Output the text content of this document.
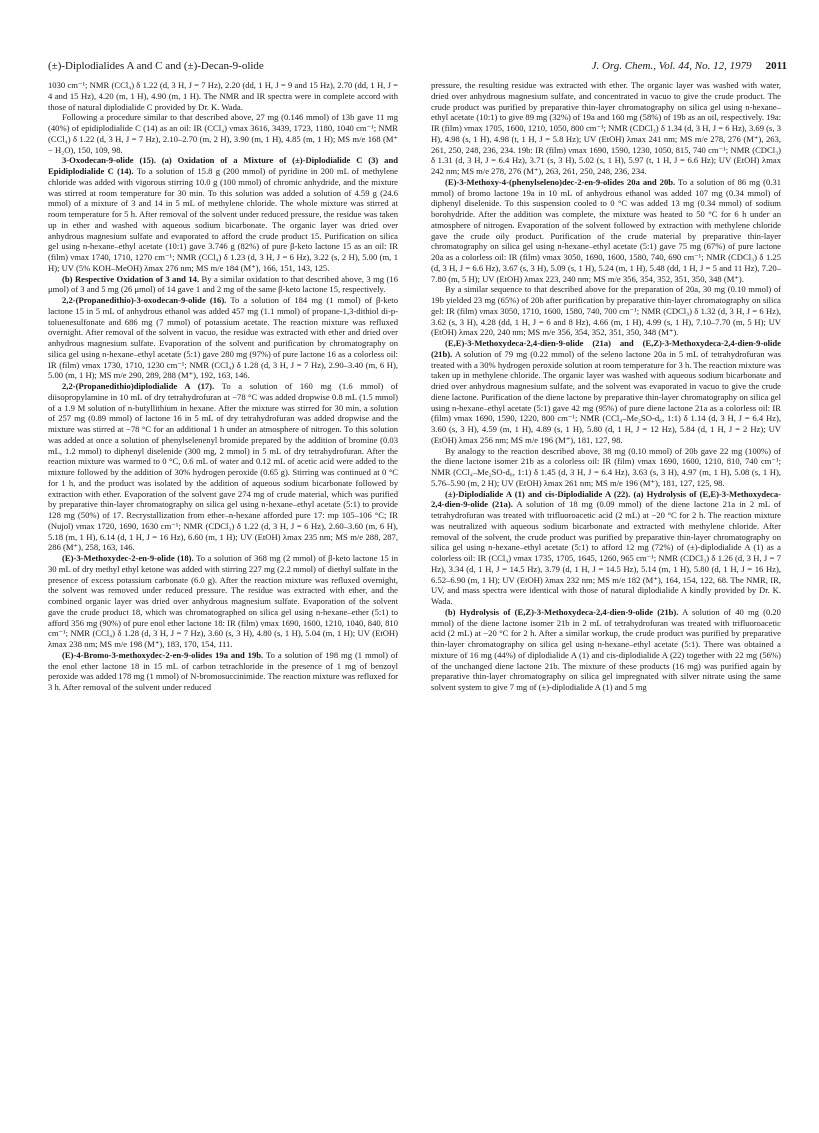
(±)-Diplodialides A and C and (±)-Decan-9-olide	J. Org. Chem., Vol. 44, No. 12, 1979 2011

1030 cm⁻¹; NMR (CCl₄) δ 1.22 (d, 3 H, J = 7 Hz), 2.20 (dd, 1 H, J = 9 and 15 Hz), 2.70 (dd, 1 H, J = 4 and 15 Hz), 4.20 (m, 1 H), 4.90 (m, 1 H). The NMR and IR spectra were in complete accord with those of natural diplodialide C provided by Dr. K. Wada.

Following a procedure similar to that described above, 27 mg (0.146 mmol) of 13b gave 11 mg (40%) of epidiplodialide C (14) as an oil: IR (CCl₄) νmax 3616, 3439, 1723, 1180, 1040 cm⁻¹; NMR (CCl₄) δ 1.22 (d, 3 H, J = 7 Hz), 2.10–2.70 (m, 2 H), 3.90 (m, 1 H), 4.85 (m, 1 H); MS m/e 168 (M⁺ − H₂O), 150, 109, 98.

3-Oxodecan-9-olide (15). (a) Oxidation of a Mixture of (±)-Diplodialide C (3) and Epidiplodialide C (14). To a solution of 15.8 g (200 mmol) of pyridine in 200 mL of methylene chloride was added with vigorous stirring 10.0 g (100 mmol) of chromic anhydride, and the mixture was stirred at room temperature for 30 min. To this solution was added a solution of 4.59 g (24.6 mmol) of a mixture of 3 and 14 in 5 mL of methylene chloride. The whole mixture was stirred at room temperature for 5 h. After removal of the solvent under reduced pressure, the residue was taken up in ether and washed with aqueous sodium bicarbonate. The organic layer was dried over anhydrous magnesium sulfate and evaporated to afford the crude product 15. Purification on silica gel using n-hexane–ethyl acetate (10:1) gave 3.746 g (82%) of pure β-keto lactone 15 as an oil: IR (film) νmax 1740, 1710, 1270 cm⁻¹; NMR (CCl₄) δ 1.23 (d, 3 H, J = 6 Hz), 3.22 (s, 2 H), 5.00 (m, 1 H); UV (5% KOH–MeOH) λmax 276 nm; MS m/e 184 (M⁺), 166, 151, 143, 125.

(b) Respective Oxidation of 3 and 14. By a similar oxidation to that described above, 3 mg (16 μmol) of 3 and 5 mg (26 μmol) of 14 gave 1 and 2 mg of the same β-keto lactone 15, respectively.

2,2-(Propanedithio)-3-oxodecan-9-olide (16). To a solution of 184 mg (1 mmol) of β-keto lactone 15 in 5 mL of anhydrous ethanol was added 457 mg (1.1 mmol) of propane-1,3-dithiol di-p-toluenesulfonate and 686 mg (7 mmol) of potassium acetate. The reaction mixture was refluxed overnight. After removal of the solvent in vacuo, the residue was extracted with ether and dried over anhydrous magnesium sulfate. Evaporation of the solvent and purification by chromatography on silica gel using n-hexane–ethyl acetate (5:1) gave 280 mg (97%) of pure lactone 16 as a colorless oil: IR (film) νmax 1730, 1710, 1230 cm⁻¹; NMR (CCl₄) δ 1.28 (d, 3 H, J = 7 Hz), 2.90–3.40 (m, 6 H), 5.00 (m, 1 H); MS m/e 290, 289, 288 (M⁺), 192, 163, 146.

2,2-(Propanedithio)diplodialide A (17). To a solution of 160 mg (1.6 mmol) of diisopropylamine in 10 mL of dry tetrahydrofuran at −78 °C was added dropwise 0.8 mL (1.5 mmol) of a 1.9 M solution of n-butyllithium in hexane. After the mixture was stirred for 30 min, a solution of 257 mg (0.89 mmol) of lactone 16 in 5 mL of dry tetrahydrofuran was added dropwise and the mixture was stirred at −78 °C for an additional 1 h under an atmosphere of nitrogen. To this solution was added at once a solution of phenylselenenyl bromide prepared by the addition of bromine (0.03 mL, 1.2 mmol) to diphenyl diselenide (300 mg, 2 mmol) in 5 mL of dry tetrahydrofuran. After the reaction mixture was warmed to 0 °C, 0.6 mL of water and 0.12 mL of acetic acid were added to the mixture followed by the addition of 30% hydrogen peroxide (0.65 g). Stirring was continued at 0 °C for 1 h, and the product was isolated by the addition of aqueous sodium bicarbonate followed by extraction with ether. Evaporation of the solvent gave 274 mg of crude material, which was purified by preparative thin-layer chromatography on silica gel using n-hexane–ethyl acetate (5:1) to provide 128 mg (50%) of 17. Recrystallization from ether–n-hexane afforded pure 17: mp 105–106 °C; IR (Nujol) νmax 1720, 1690, 1630 cm⁻¹; NMR (CDCl₃) δ 1.22 (d, 3 H, J = 6 Hz), 2.60–3.60 (m, 6 H), 5.18 (m, 1 H), 6.14 (d, 1 H, J = 16 Hz), 6.60 (m, 1 H); UV (EtOH) λmax 235 nm; MS m/e 288, 287, 286 (M⁺), 258, 163, 146.

(E)-3-Methoxydec-2-en-9-olide (18). To a solution of 368 mg (2 mmol) of β-keto lactone 15 in 30 mL of dry methyl ethyl ketone was added with stirring 227 mg (2.2 mmol) of diethyl sulfate in the presence of excess potassium carbonate (6.0 g). After the reaction mixture was refluxed overnight, the solvent was removed under reduced pressure. The residue was extracted with ether, and the combined organic layer was dried over anhydrous magnesium sulfate. Evaporation of the solvent gave the crude product 18, which was chromatographed on silica gel using n-hexane–ether (5:1) to afford 356 mg (90%) of pure enol ether lactone 18: IR (film) νmax 1690, 1600, 1210, 1040, 840, 810 cm⁻¹; NMR (CCl₄) δ 1.28 (d, 3 H, J = 7 Hz), 3.60 (s, 3 H), 4.80 (s, 1 H), 5.04 (m, 1 H); UV (EtOH) λmax 238 nm; MS m/e 198 (M⁺), 183, 170, 154, 111.

(E)-4-Bromo-3-methoxydec-2-en-9-olides 19a and 19b. To a solution of 198 mg (1 mmol) of the enol ether lactone 18 in 15 mL of carbon tetrachloride in the presence of 1 mg of benzoyl peroxide was added 178 mg (1 mmol) of N-bromosuccinimide. The reaction mixture was refluxed for 3 h. After removal of the solvent under reduced

pressure, the resulting residue was extracted with ether. The organic layer was washed with water, dried over anhydrous magnesium sulfate, and concentrated in vacuo to give the crude product. The crude product was purified by preparative thin-layer chromatography on silica gel using n-hexane–ethyl acetate (10:1) to give 89 mg (32%) of 19a and 160 mg (58%) of 19b as an oil, respectively. 19a: IR (film) νmax 1705, 1600, 1210, 1050, 800 cm⁻¹; NMR (CDCl₃) δ 1.34 (d, 3 H, J = 6 Hz), 3.69 (s, 3 H), 4.98 (s, 1 H), 4.98 (t, 1 H, J = 5.8 Hz); UV (EtOH) λmax 241 nm; MS m/e 278, 276 (M⁺), 263, 261, 250, 248, 236, 234. 19b: IR (film) νmax 1690, 1590, 1230, 1050, 815, 740 cm⁻¹; NMR (CDCl₃) δ 1.31 (d, 3 H, J = 6.4 Hz), 3.71 (s, 3 H), 5.02 (s, 1 H), 5.97 (t, 1 H, J = 6.6 Hz); UV (EtOH) λmax 242 nm; MS m/e 278, 276 (M⁺), 263, 261, 250, 248, 236, 234.

(E)-3-Methoxy-4-(phenylseleno)dec-2-en-9-olides 20a and 20b. To a solution of 86 mg (0.31 mmol) of bromo lactone 19a in 10 mL of anhydrous ethanol was added 107 mg (0.34 mmol) of diphenyl diselenide. To this suspension cooled to 0 °C was added 13 mg (0.34 mmol) of sodium borohydride. After the addition was complete, the mixture was heated to 50 °C for 6 h under an atmosphere of nitrogen. Evaporation of the solvent followed by extraction with methylene chloride gave the crude oily product. Purification of the crude material by preparative thin-layer chromatography on silica gel using n-hexane–ethyl acetate (5:1) gave 75 mg (67%) of pure lactone 20a as a colorless oil: IR (film) νmax 3050, 1690, 1600, 1580, 740, 690 cm⁻¹; NMR (CDCl₃) δ 1.25 (d, 3 H, J = 6.6 Hz), 3.67 (s, 3 H), 5.09 (s, 1 H), 5.24 (m, 1 H), 5.48 (dd, 1 H, J = 5 and 11 Hz), 7.20–7.80 (m, 5 H); UV (EtOH) λmax 223, 240 nm; MS m/e 356, 354, 352, 351, 350, 348 (M⁺).

By a similar sequence to that described above for the preparation of 20a, 30 mg (0.10 mmol) of 19b yielded 23 mg (65%) of 20b after purification by preparative thin-layer chromatography on silica gel: IR (film) νmax 3050, 1710, 1600, 1580, 740, 700 cm⁻¹; NMR (CDCl₃) δ 1.32 (d, 3 H, J = 6 Hz), 3.62 (s, 3 H), 4.28 (dd, 1 H, J = 6 and 8 Hz), 4.66 (m, 1 H), 4.99 (s, 1 H), 7.10–7.70 (m, 5 H); UV (EtOH) λmax 220, 240 nm; MS m/e 356, 354, 352, 351, 350, 348 (M⁺).

(E,E)-3-Methoxydeca-2,4-dien-9-olide (21a) and (E,Z)-3-Methoxydeca-2,4-dien-9-olide (21b). A solution of 79 mg (0.22 mmol) of the seleno lactone 20a in 5 mL of tetrahydrofuran was treated with a 30% hydrogen peroxide solution at room temperature for 3 h. The reaction mixture was taken up in methylene chloride. The organic layer was washed with aqueous sodium bicarbonate and dried over anhydrous magnesium sulfate, and the solvent was evaporated in vacuo to give the crude diene lactone. Purification of the diene lactone by preparative thin-layer chromatography on silica gel using n-hexane–ethyl acetate (5:1) gave 42 mg (95%) of pure diene lactone 21a as a colorless oil: IR (film) νmax 1690, 1590, 1220, 800 cm⁻¹; NMR (CCl₄–Me₂SO-d₆, 1:1) δ 1.14 (d, 3 H, J = 6.4 Hz), 3.60 (s, 3 H), 4.59 (m, 1 H), 4.89 (s, 1 H), 5.80 (d, 1 H, J = 12 Hz), 5.84 (d, 1 H, J = 2 Hz); UV (EtOH) λmax 256 nm; MS m/e 196 (M⁺), 181, 127, 98.

By analogy to the reaction described above, 38 mg (0.10 mmol) of 20b gave 22 mg (100%) of the diene lactone isomer 21b as a colorless oil: IR (film) νmax 1690, 1600, 1210, 810, 740 cm⁻¹; NMR (CCl₄–Me₂SO-d₆, 1:1) δ 1.45 (d, 3 H, J = 6.4 Hz), 3.63 (s, 3 H), 4.97 (m, 1 H), 5.08 (s, 1 H), 5.76–5.90 (m, 2 H); UV (EtOH) λmax 261 nm; MS m/e 196 (M⁺), 181, 127, 125, 98.

(±)-Diplodialide A (1) and cis-Diplodialide A (22). (a) Hydrolysis of (E,E)-3-Methoxydeca-2,4-dien-9-olide (21a). A solution of 18 mg (0.09 mmol) of the diene lactone 21a in 2 mL of tetrahydrofuran was treated with trifluoroacetic acid (2 mL) at −20 °C for 2 h. The reaction mixture was neutralized with aqueous sodium bicarbonate and extracted with methylene chloride. After removal of the solvent, the crude product was purified by preparative thin-layer chromatography on silica gel using n-hexane–ethyl acetate (5:1) to afford 12 mg (72%) of (±)-diplodialide A (1) as a colorless oil: IR (CCl₄) νmax 1735, 1705, 1645, 1260, 965 cm⁻¹; NMR (CDCl₃) δ 1.26 (d, 3 H, J = 7 Hz), 3.34 (d, 1 H, J = 14.5 Hz), 3.79 (d, 1 H, J = 14.5 Hz), 5.14 (m, 1 H), 5.80 (d, 1 H, J = 16 Hz), 6.52–6.90 (m, 1 H); UV (EtOH) λmax 232 nm; MS m/e 182 (M⁺), 164, 154, 122, 68. The NMR, IR, UV, and mass spectra were identical with those of natural diplodialide A kindly provided by Dr. K. Wada.

(b) Hydrolysis of (E,Z)-3-Methoxydeca-2,4-dien-9-olide (21b). A solution of 40 mg (0.20 mmol) of the diene lactone isomer 21b in 2 mL of tetrahydrofuran was treated with trifluoroacetic acid (2 mL) at −20 °C for 2 h. After a similar workup, the crude product was purified by preparative thin-layer chromatography on silica gel using n-hexane–ethyl acetate (5:1). There was obtained a mixture of 16 mg (44%) of diplodialide A (1) and cis-diplodialide A (22) together with 22 mg (56%) of the unchanged diene lactone 21b. The mixture of these products (16 mg) was purified again by preparative thin-layer chromatography on silica gel impregnated with silver nitrate using the same solvent system to give 7 mg of (±)-diplodialide A (1) and 5 mg
